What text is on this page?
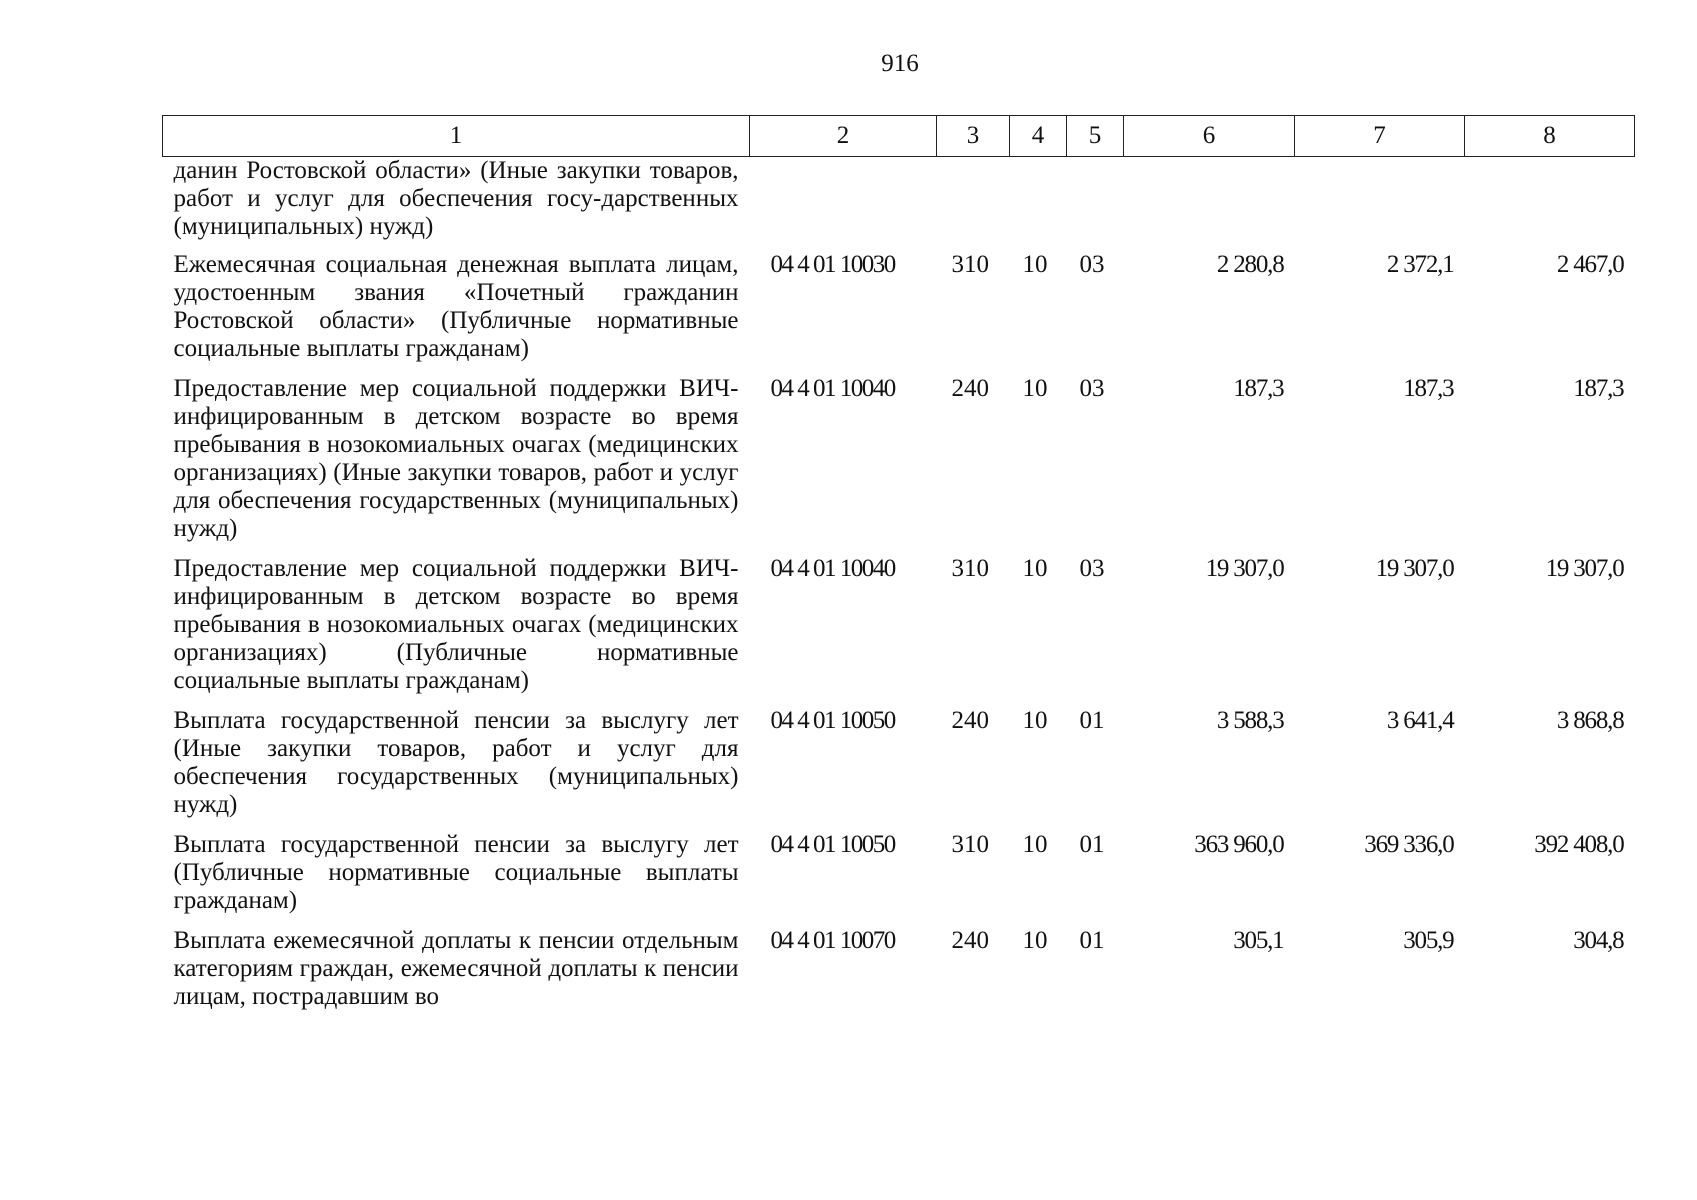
916
1	2	3	4	5	6	7	8
данин Ростовской области» (Иные закупки товаров, работ и услуг для обеспечения госу-дарственных (муниципальных) нужд)							
Ежемесячная социальная денежная выплата лицам, удостоенным звания «Почетный гражданин Ростовской области» (Публичные нормативные социальные выплаты гражданам)	04 4 01 10030	310	10	03	2 280,8	2 372,1	2 467,0
Предоставление мер социальной поддержки ВИЧ-инфицированным в детском возрасте во время пребывания в нозокомиальных очагах (медицинских организациях) (Иные закупки товаров, работ и услуг для обеспечения государственных (муниципальных) нужд)	04 4 01 10040	240	10	03	187,3	187,3	187,3
Предоставление мер социальной поддержки ВИЧ-инфицированным в детском возрасте во время пребывания в нозокомиальных очагах (медицинских организациях) (Публичные нормативные социальные выплаты гражданам)	04 4 01 10040	310	10	03	19 307,0	19 307,0	19 307,0
Выплата государственной пенсии за выслугу лет (Иные закупки товаров, работ и услуг для обеспечения государственных (муниципальных) нужд)	04 4 01 10050	240	10	01	3 588,3	3 641,4	3 868,8
Выплата государственной пенсии за выслугу лет (Публичные нормативные социальные выплаты гражданам)	04 4 01 10050	310	10	01	363 960,0	369 336,0	392 408,0
Выплата ежемесячной доплаты к пенсии отдельным категориям граждан, ежемесячной доплаты к пенсии лицам, пострадавшим во	04 4 01 10070	240	10	01	305,1	305,9	304,8
